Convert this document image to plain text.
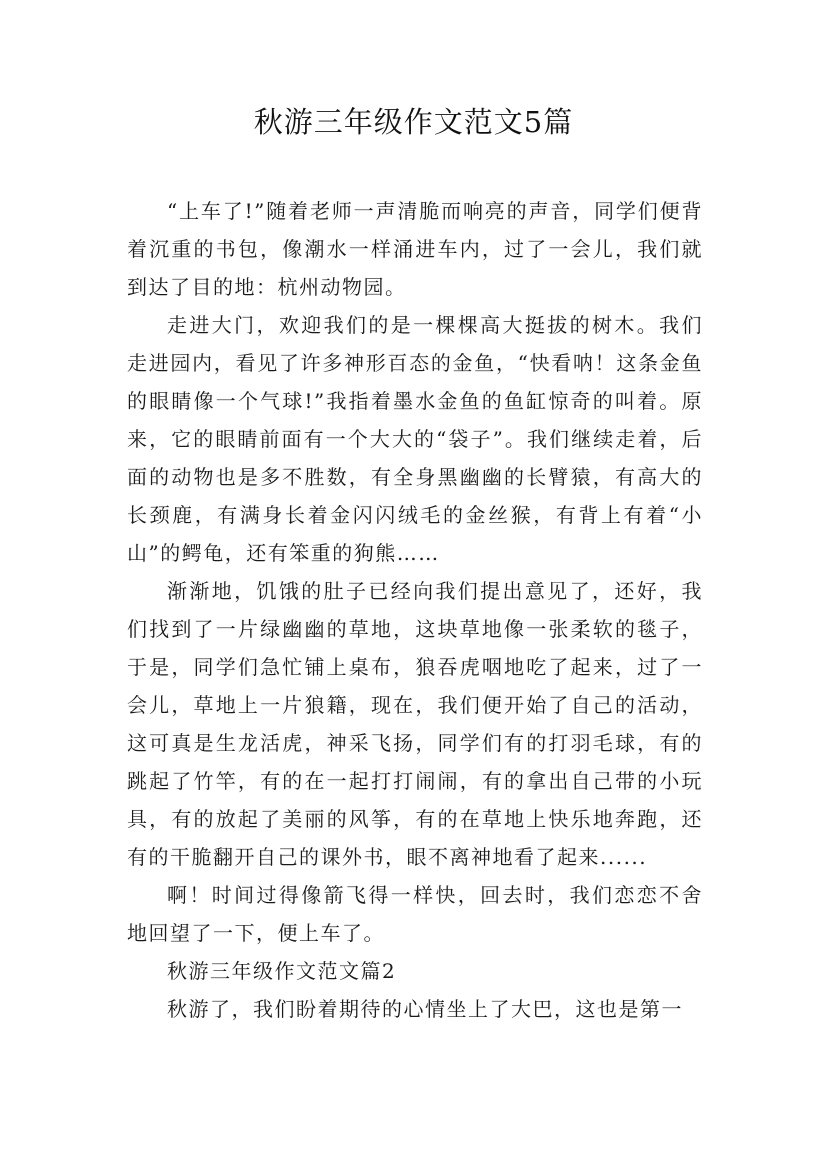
秋游三年级作文范文5篇

“上车了!”随着老师一声清脆而响亮的声音，同学们便背着沉重的书包，像潮水一样涌进车内，过了一会儿，我们就到达了目的地：杭州动物园。

走进大门，欢迎我们的是一棵棵高大挺拔的树木。我们走进园内，看见了许多神形百态的金鱼，“快看呐！这条金鱼的眼睛像一个气球!”我指着墨水金鱼的鱼缸惊奇的叫着。原来，它的眼睛前面有一个大大的“袋子”。我们继续走着，后面的动物也是多不胜数，有全身黑幽幽的长臂猿，有高大的长颈鹿，有满身长着金闪闪绒毛的金丝猴，有背上有着“小山”的鳄龟，还有笨重的狗熊……

渐渐地，饥饿的肚子已经向我们提出意见了，还好，我们找到了一片绿幽幽的草地，这块草地像一张柔软的毯子，于是，同学们急忙铺上桌布，狼吞虎咽地吃了起来，过了一会儿，草地上一片狼籍，现在，我们便开始了自己的活动，这可真是生龙活虎，神采飞扬，同学们有的打羽毛球，有的跳起了竹竿，有的在一起打打闹闹，有的拿出自己带的小玩具，有的放起了美丽的风筝，有的在草地上快乐地奔跑，还有的干脆翻开自己的课外书，眼不离神地看了起来......

啊！时间过得像箭飞得一样快，回去时，我们恋恋不舍地回望了一下，便上车了。

秋游三年级作文范文篇2

秋游了，我们盼着期待的心情坐上了大巴，这也是第一
